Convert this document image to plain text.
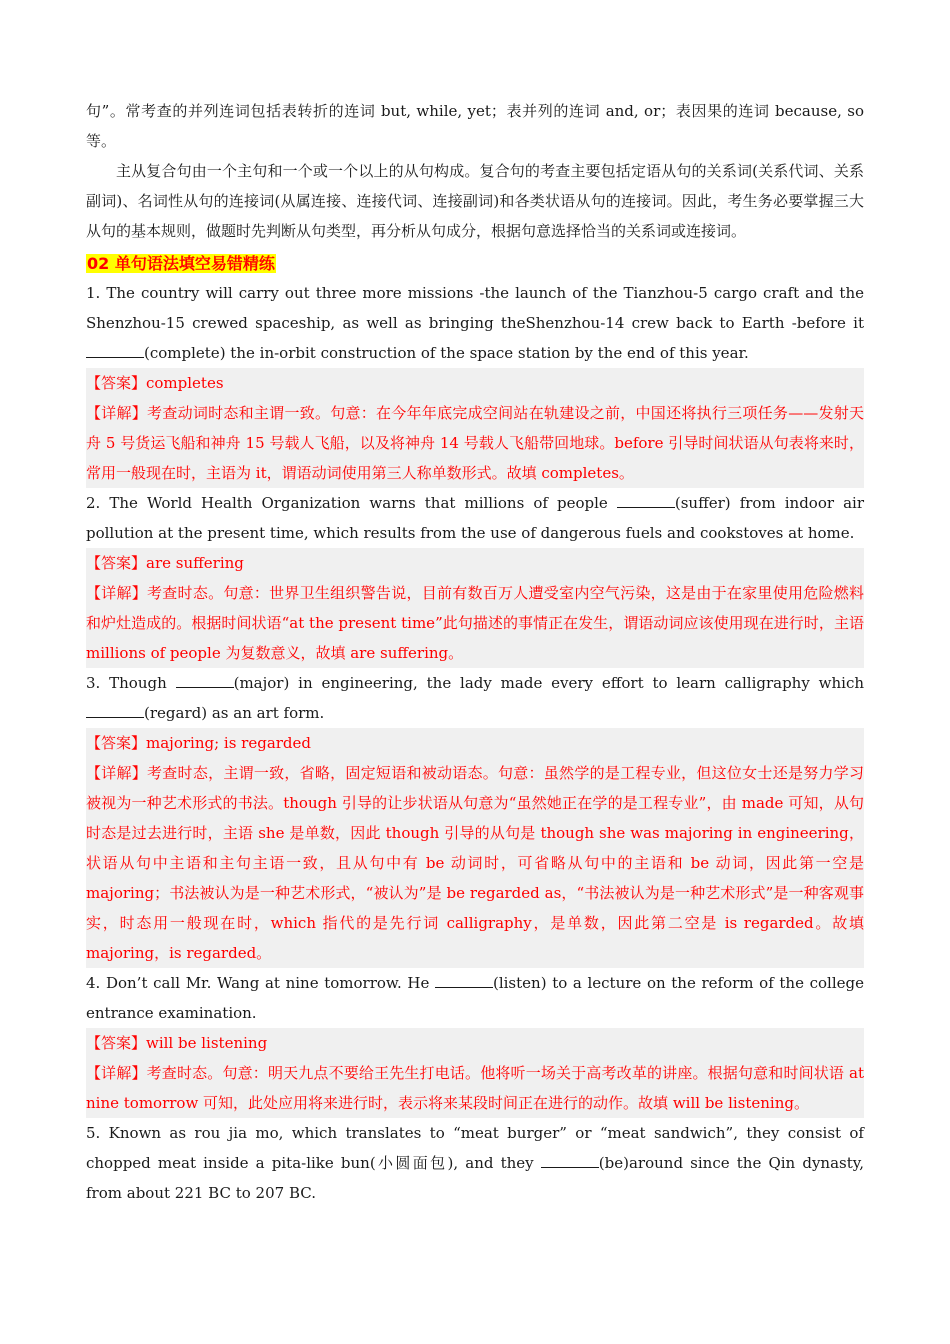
句”。常考查的并列连词包括表转折的连词 but, while, yet；表并列的连词 and, or；表因果的连词 because, so 等。

主从复合句由一个主句和一个或一个以上的从句构成。复合句的考查主要包括定语从句的关系词(关系代词、关系副词)、名词性从句的连接词(从属连接、连接代词、连接副词)和各类状语从句的连接词。因此，考生务必要掌握三大从句的基本规则，做题时先判断从句类型，再分析从句成分，根据句意选择恰当的关系词或连接词。

02 单句语法填空易错精练

1. The country will carry out three more missions -the launch of the Tianzhou-5 cargo craft and the Shenzhou-15 crewed spaceship, as well as bringing theShenzhou-14 crew back to Earth -before it (complete) the in-orbit construction of the space station by the end of this year.

【答案】completes

【详解】考查动词时态和主谓一致。句意：在今年年底完成空间站在轨建设之前，中国还将执行三项任务——发射天舟 5 号货运飞船和神舟 15 号载人飞船，以及将神舟 14 号载人飞船带回地球。before 引导时间状语从句表将来时，常用一般现在时，主语为 it，谓语动词使用第三人称单数形式。故填 completes。

2. The World Health Organization warns that millions of people	(suffer) from indoor air pollution at the present time, which results from the use of dangerous fuels and cookstoves at home.

【答案】are suffering

【详解】考查时态。句意：世界卫生组织警告说，目前有数百万人遭受室内空气污染，这是由于在家里使用危险燃料和炉灶造成的。根据时间状语“at the present time”此句描述的事情正在发生，谓语动词应该使用现在进行时，主语 millions of people 为复数意义，故填 are suffering。

3. Though	(major) in engineering, the lady made every effort to learn calligraphy which (regard) as an art form.

【答案】majoring; is regarded

【详解】考查时态，主谓一致，省略，固定短语和被动语态。句意：虽然学的是工程专业，但这位女士还是努力学习被视为一种艺术形式的书法。though 引导的让步状语从句意为“虽然她正在学的是工程专业”，由 made 可知，从句时态是过去进行时，主语 she 是单数，因此 though 引导的从句是 though she was majoring in engineering，状语从句中主语和主句主语一致，且从句中有 be 动词时，可省略从句中的主语和 be 动词，因此第一空是 majoring；书法被认为是一种艺术形式，“被认为”是 be regarded as，“书法被认为是一种艺术形式”是一种客观事实，时态用一般现在时，which 指代的是先行词 calligraphy，是单数，因此第二空是 is regarded。故填 majoring，is regarded。

4. Don’t call Mr. Wang at nine tomorrow. He	(listen) to a lecture on the reform of the college entrance examination.

【答案】will be listening

【详解】考查时态。句意：明天九点不要给王先生打电话。他将听一场关于高考改革的讲座。根据句意和时间状语 at nine tomorrow 可知，此处应用将来进行时，表示将来某段时间正在进行的动作。故填 will be listening。

5. Known as rou jia mo, which translates to “meat burger” or “meat sandwich”, they consist of chopped meat inside a pita-like bun(小圆面包), and they	(be)around since the Qin dynasty, from about 221 BC to 207 BC.
